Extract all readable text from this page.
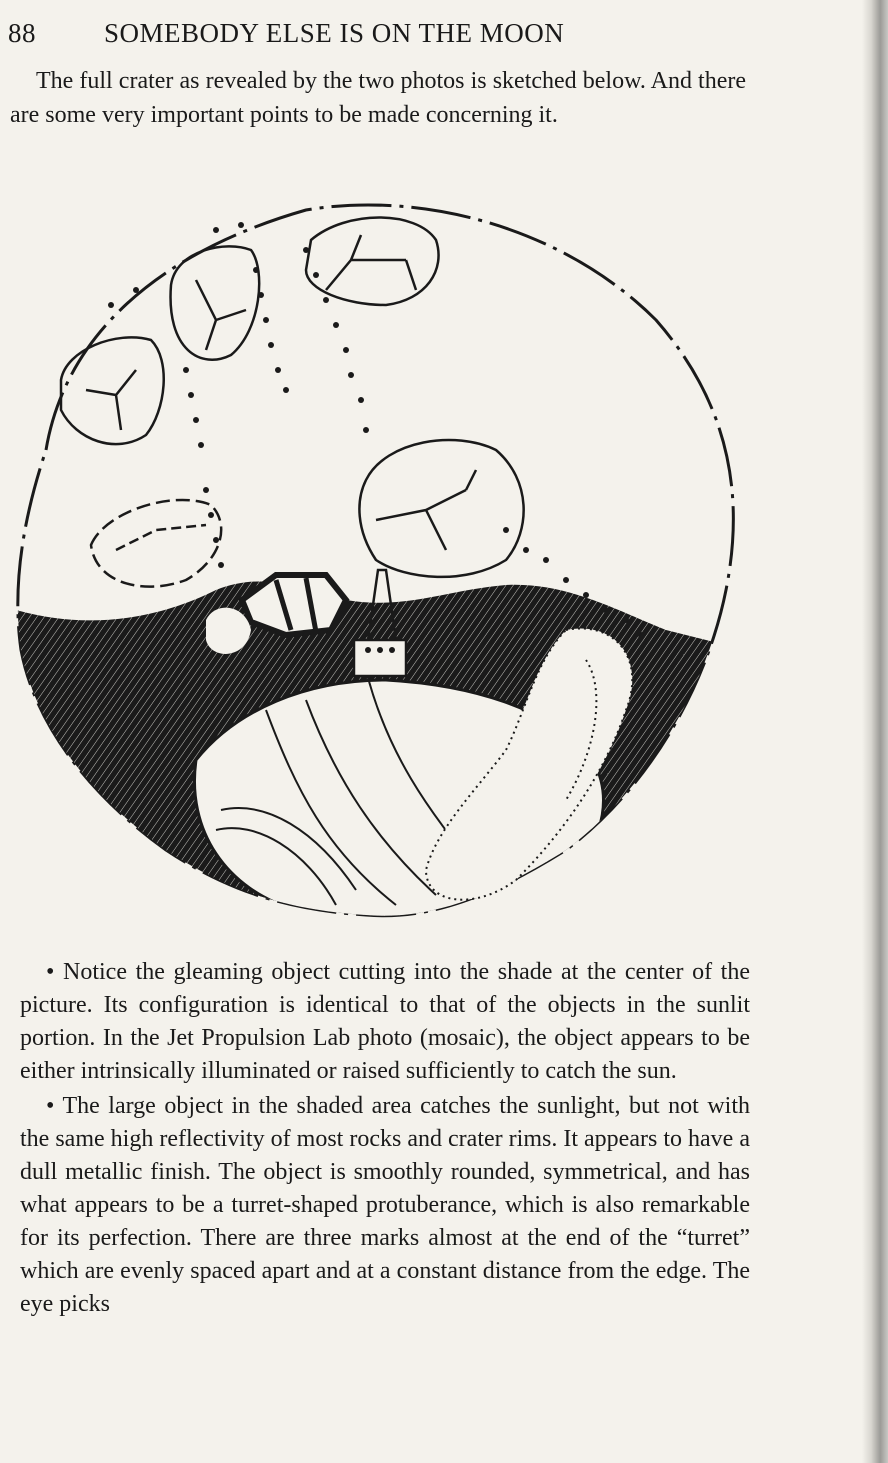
88	SOMEBODY ELSE IS ON THE MOON

The full crater as revealed by the two photos is sketched below. And there are some very important points to be made concerning it.

• Notice the gleaming object cutting into the shade at the center of the picture. Its configuration is identical to that of the objects in the sunlit portion. In the Jet Propulsion Lab photo (mosaic), the object appears to be either intrinsically illuminated or raised sufficiently to catch the sun.

• The large object in the shaded area catches the sunlight, but not with the same high reflectivity of most rocks and crater rims. It appears to have a dull metallic finish. The object is smoothly rounded, symmetrical, and has what appears to be a turret-shaped protuberance, which is also remarkable for its perfection. There are three marks almost at the end of the “turret” which are evenly spaced apart and at a constant distance from the edge. The eye picks
